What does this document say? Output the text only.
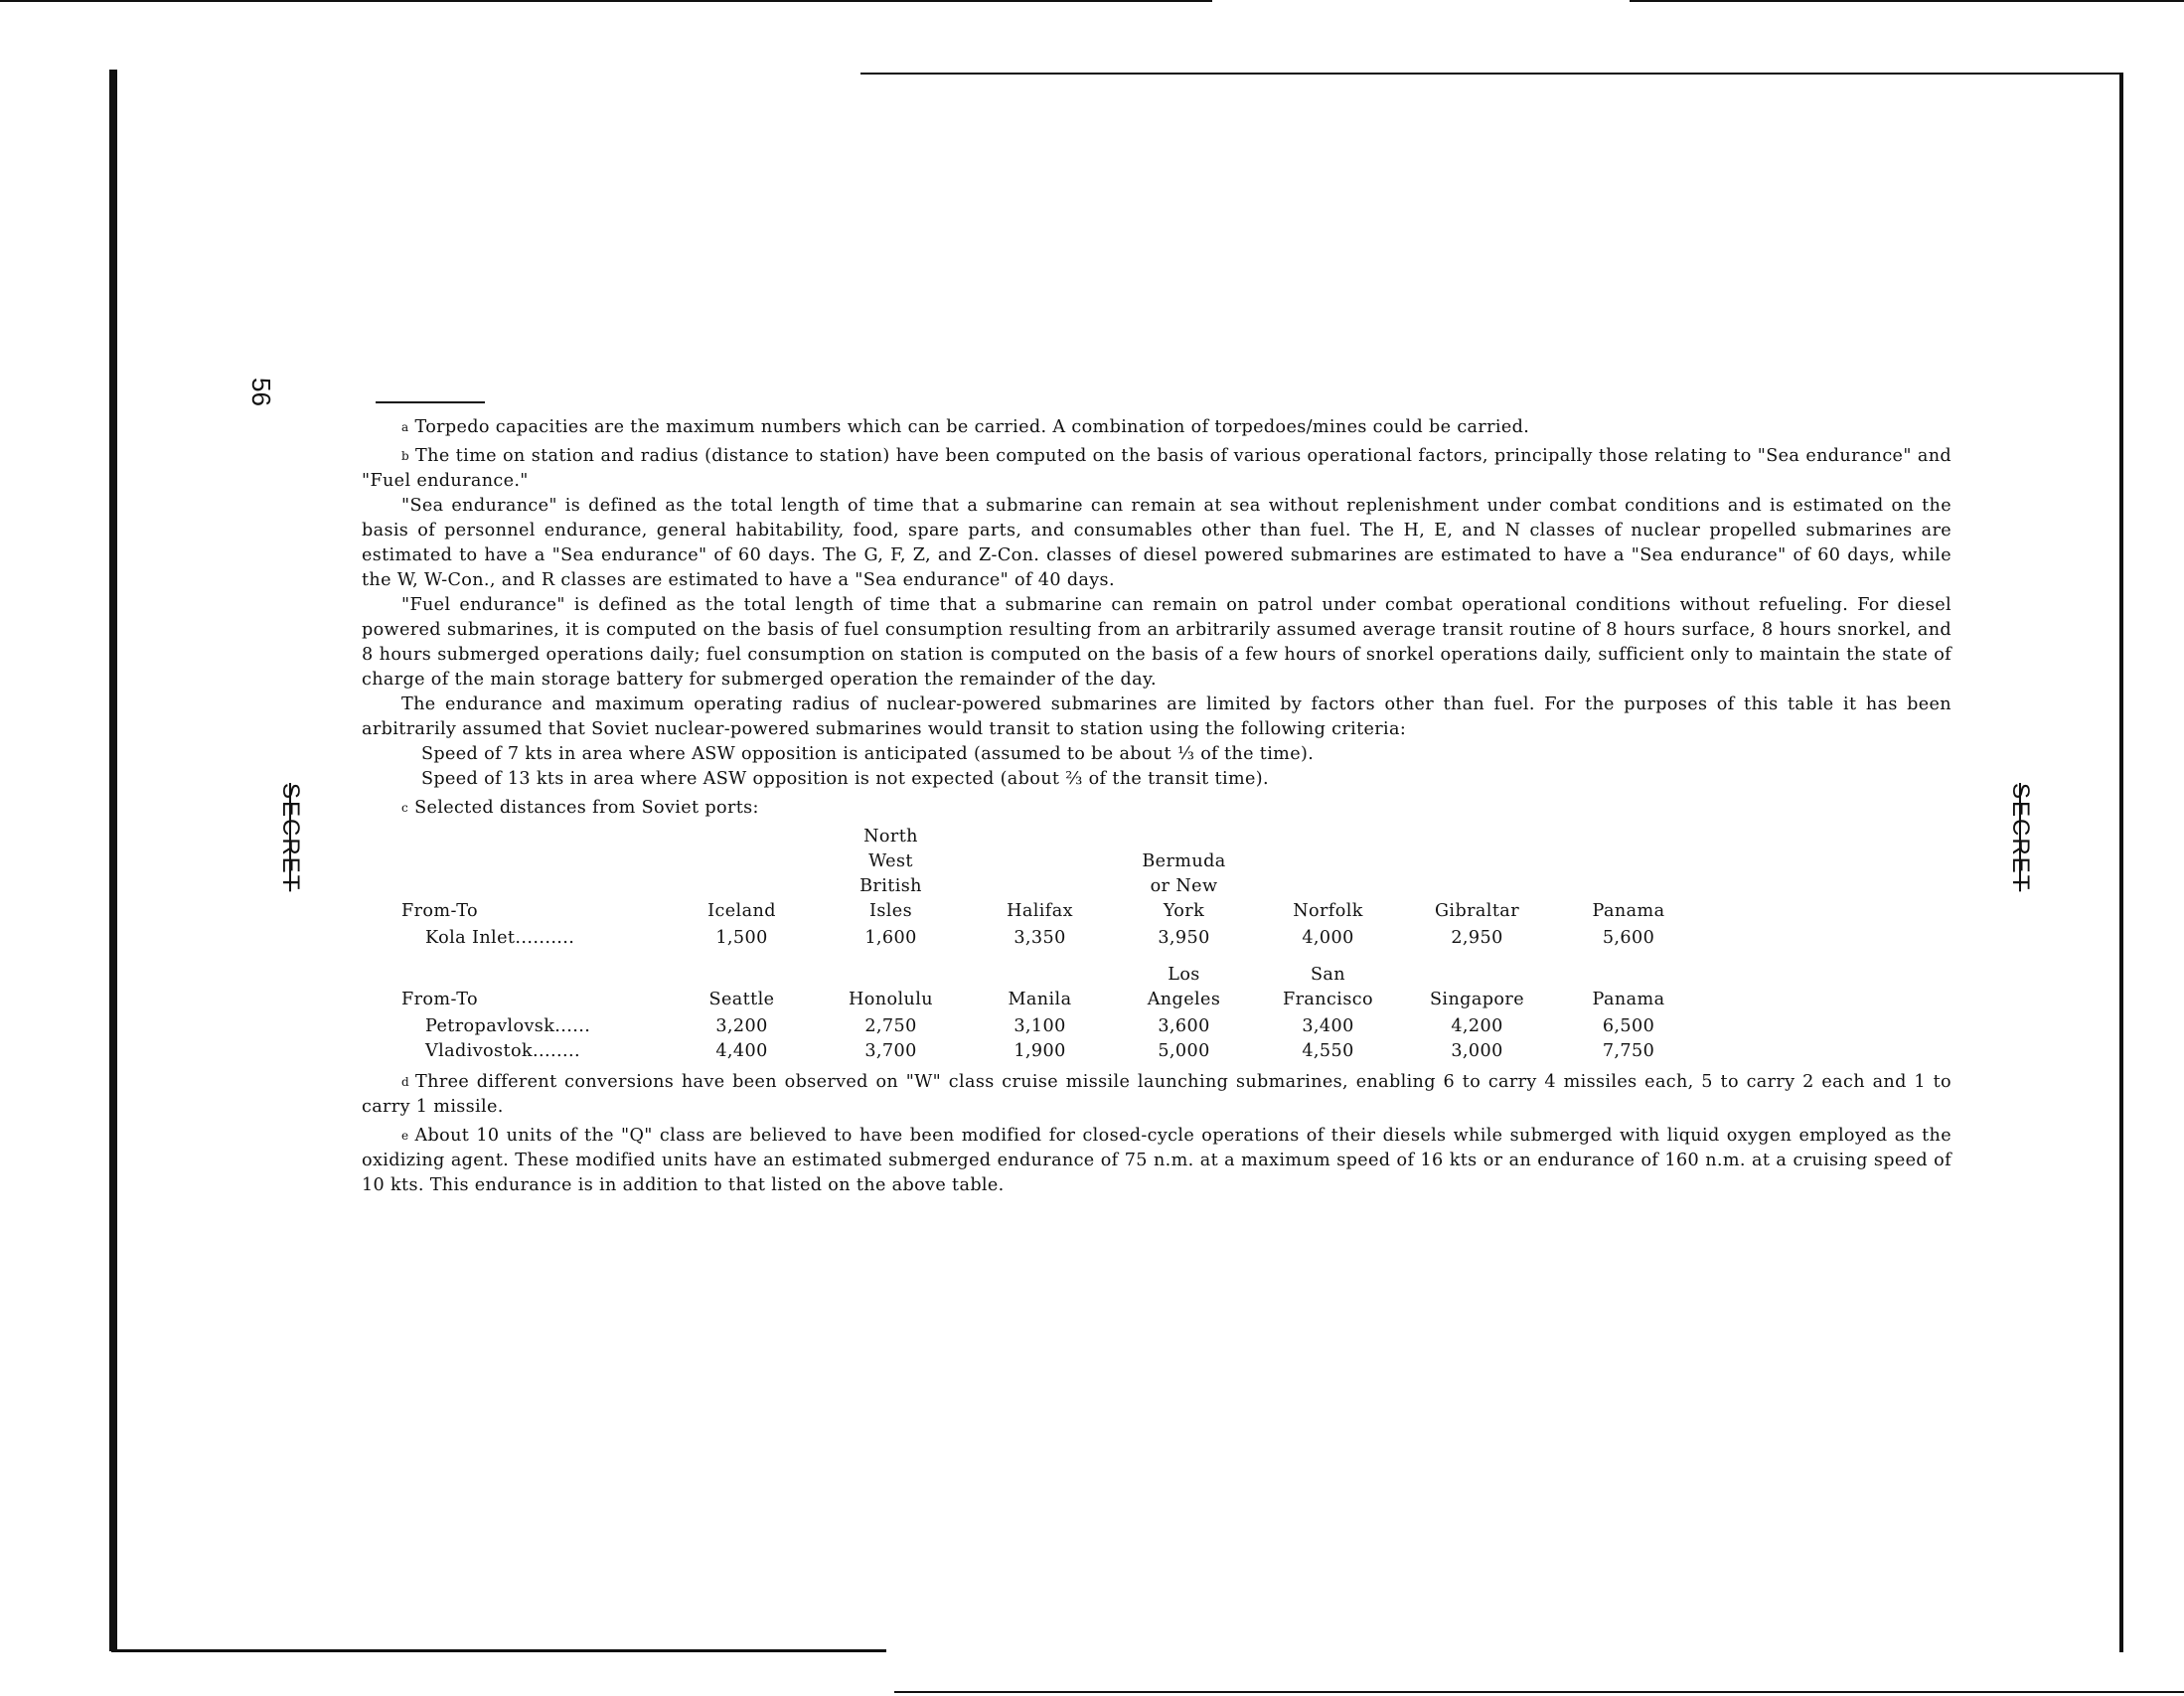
56
SECRET	SECRET

$^a$ Torpedo capacities are the maximum numbers which can be carried. A combination of torpedoes/mines could be carried.

$^b$ The time on station and radius (distance to station) have been computed on the basis of various operational factors, principally those relating to "Sea endurance" and "Fuel endurance."

"Sea endurance" is defined as the total length of time that a submarine can remain at sea without replenishment under combat conditions and is estimated on the basis of personnel endurance, general habitability, food, spare parts, and consumables other than fuel. The H, E, and N classes of nuclear propelled submarines are estimated to have a "Sea endurance" of 60 days. The G, F, Z, and Z-Con. classes of diesel powered submarines are estimated to have a "Sea endurance" of 60 days, while the W, W-Con., and R classes are estimated to have a "Sea endurance" of 40 days.

"Fuel endurance" is defined as the total length of time that a submarine can remain on patrol under combat operational conditions without refueling. For diesel powered submarines, it is computed on the basis of fuel consumption resulting from an arbitrarily assumed average transit routine of 8 hours surface, 8 hours snorkel, and 8 hours submerged operations daily; fuel consumption on station is computed on the basis of a few hours of snorkel operations daily, sufficient only to maintain the state of charge of the main storage battery for submerged operation the remainder of the day.

The endurance and maximum operating radius of nuclear-powered submarines are limited by factors other than fuel. For the purposes of this table it has been arbitrarily assumed that Soviet nuclear-powered submarines would transit to station using the following criteria:

Speed of 7 kts in area where ASW opposition is anticipated (assumed to be about ⅓ of the time).

Speed of 13 kts in area where ASW opposition is not expected (about ⅔ of the transit time).

$^c$ Selected distances from Soviet ports:

From-To	Iceland	North
West
British
Isles	Halifax	Bermuda
or New
York	Norfolk	Gibraltar	Panama
Kola Inlet..........	1,500	1,600	3,350	3,950	4,000	2,950	5,600

From-To	Seattle	Honolulu	Manila	Los
Angeles	San
Francisco	Singapore	Panama
Petropavlovsk......	3,200	2,750	3,100	3,600	3,400	4,200	6,500
Vladivostok........	4,400	3,700	1,900	5,000	4,550	3,000	7,750

$^d$ Three different conversions have been observed on "W" class cruise missile launching submarines, enabling 6 to carry 4 missiles each, 5 to carry 2 each and 1 to carry 1 missile.

$^e$ About 10 units of the "Q" class are believed to have been modified for closed-cycle operations of their diesels while submerged with liquid oxygen employed as the oxidizing agent. These modified units have an estimated submerged endurance of 75 n.m. at a maximum speed of 16 kts or an endurance of 160 n.m. at a cruising speed of 10 kts. This endurance is in addition to that listed on the above table.
